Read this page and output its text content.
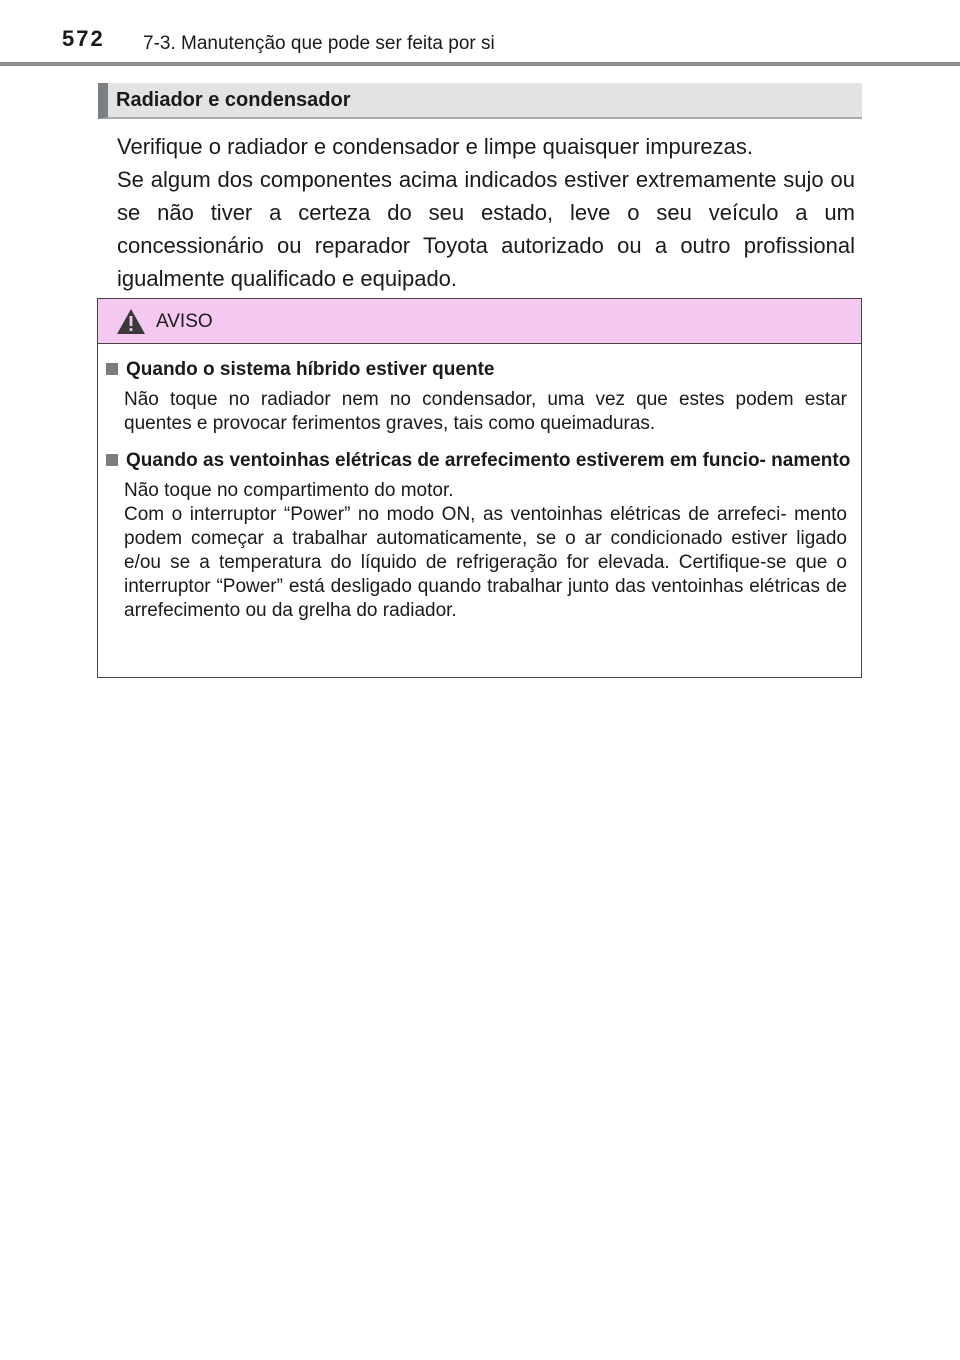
572 7-3. Manutenção que pode ser feita por si
Radiador e condensador

Verifique o radiador e condensador e limpe quaisquer impurezas.

Se algum dos componentes acima indicados estiver extremamente sujo ou se não tiver a certeza do seu estado, leve o seu veículo a um concessionário ou reparador Toyota autorizado ou a outro profissional igualmente qualificado e equipado.

AVISO

Quando o sistema híbrido estiver quente

Não toque no radiador nem no condensador, uma vez que estes podem estar quentes e provocar ferimentos graves, tais como queimaduras.

Quando as ventoinhas elétricas de arrefecimento estiverem em funcio- namento

Não toque no compartimento do motor.

Com o interruptor “Power” no modo ON, as ventoinhas elétricas de arrefeci- mento podem começar a trabalhar automaticamente, se o ar condicionado estiver ligado e/ou se a temperatura do líquido de refrigeração for elevada. Certifique-se que o interruptor “Power” está desligado quando trabalhar junto das ventoinhas elétricas de arrefecimento ou da grelha do radiador.
